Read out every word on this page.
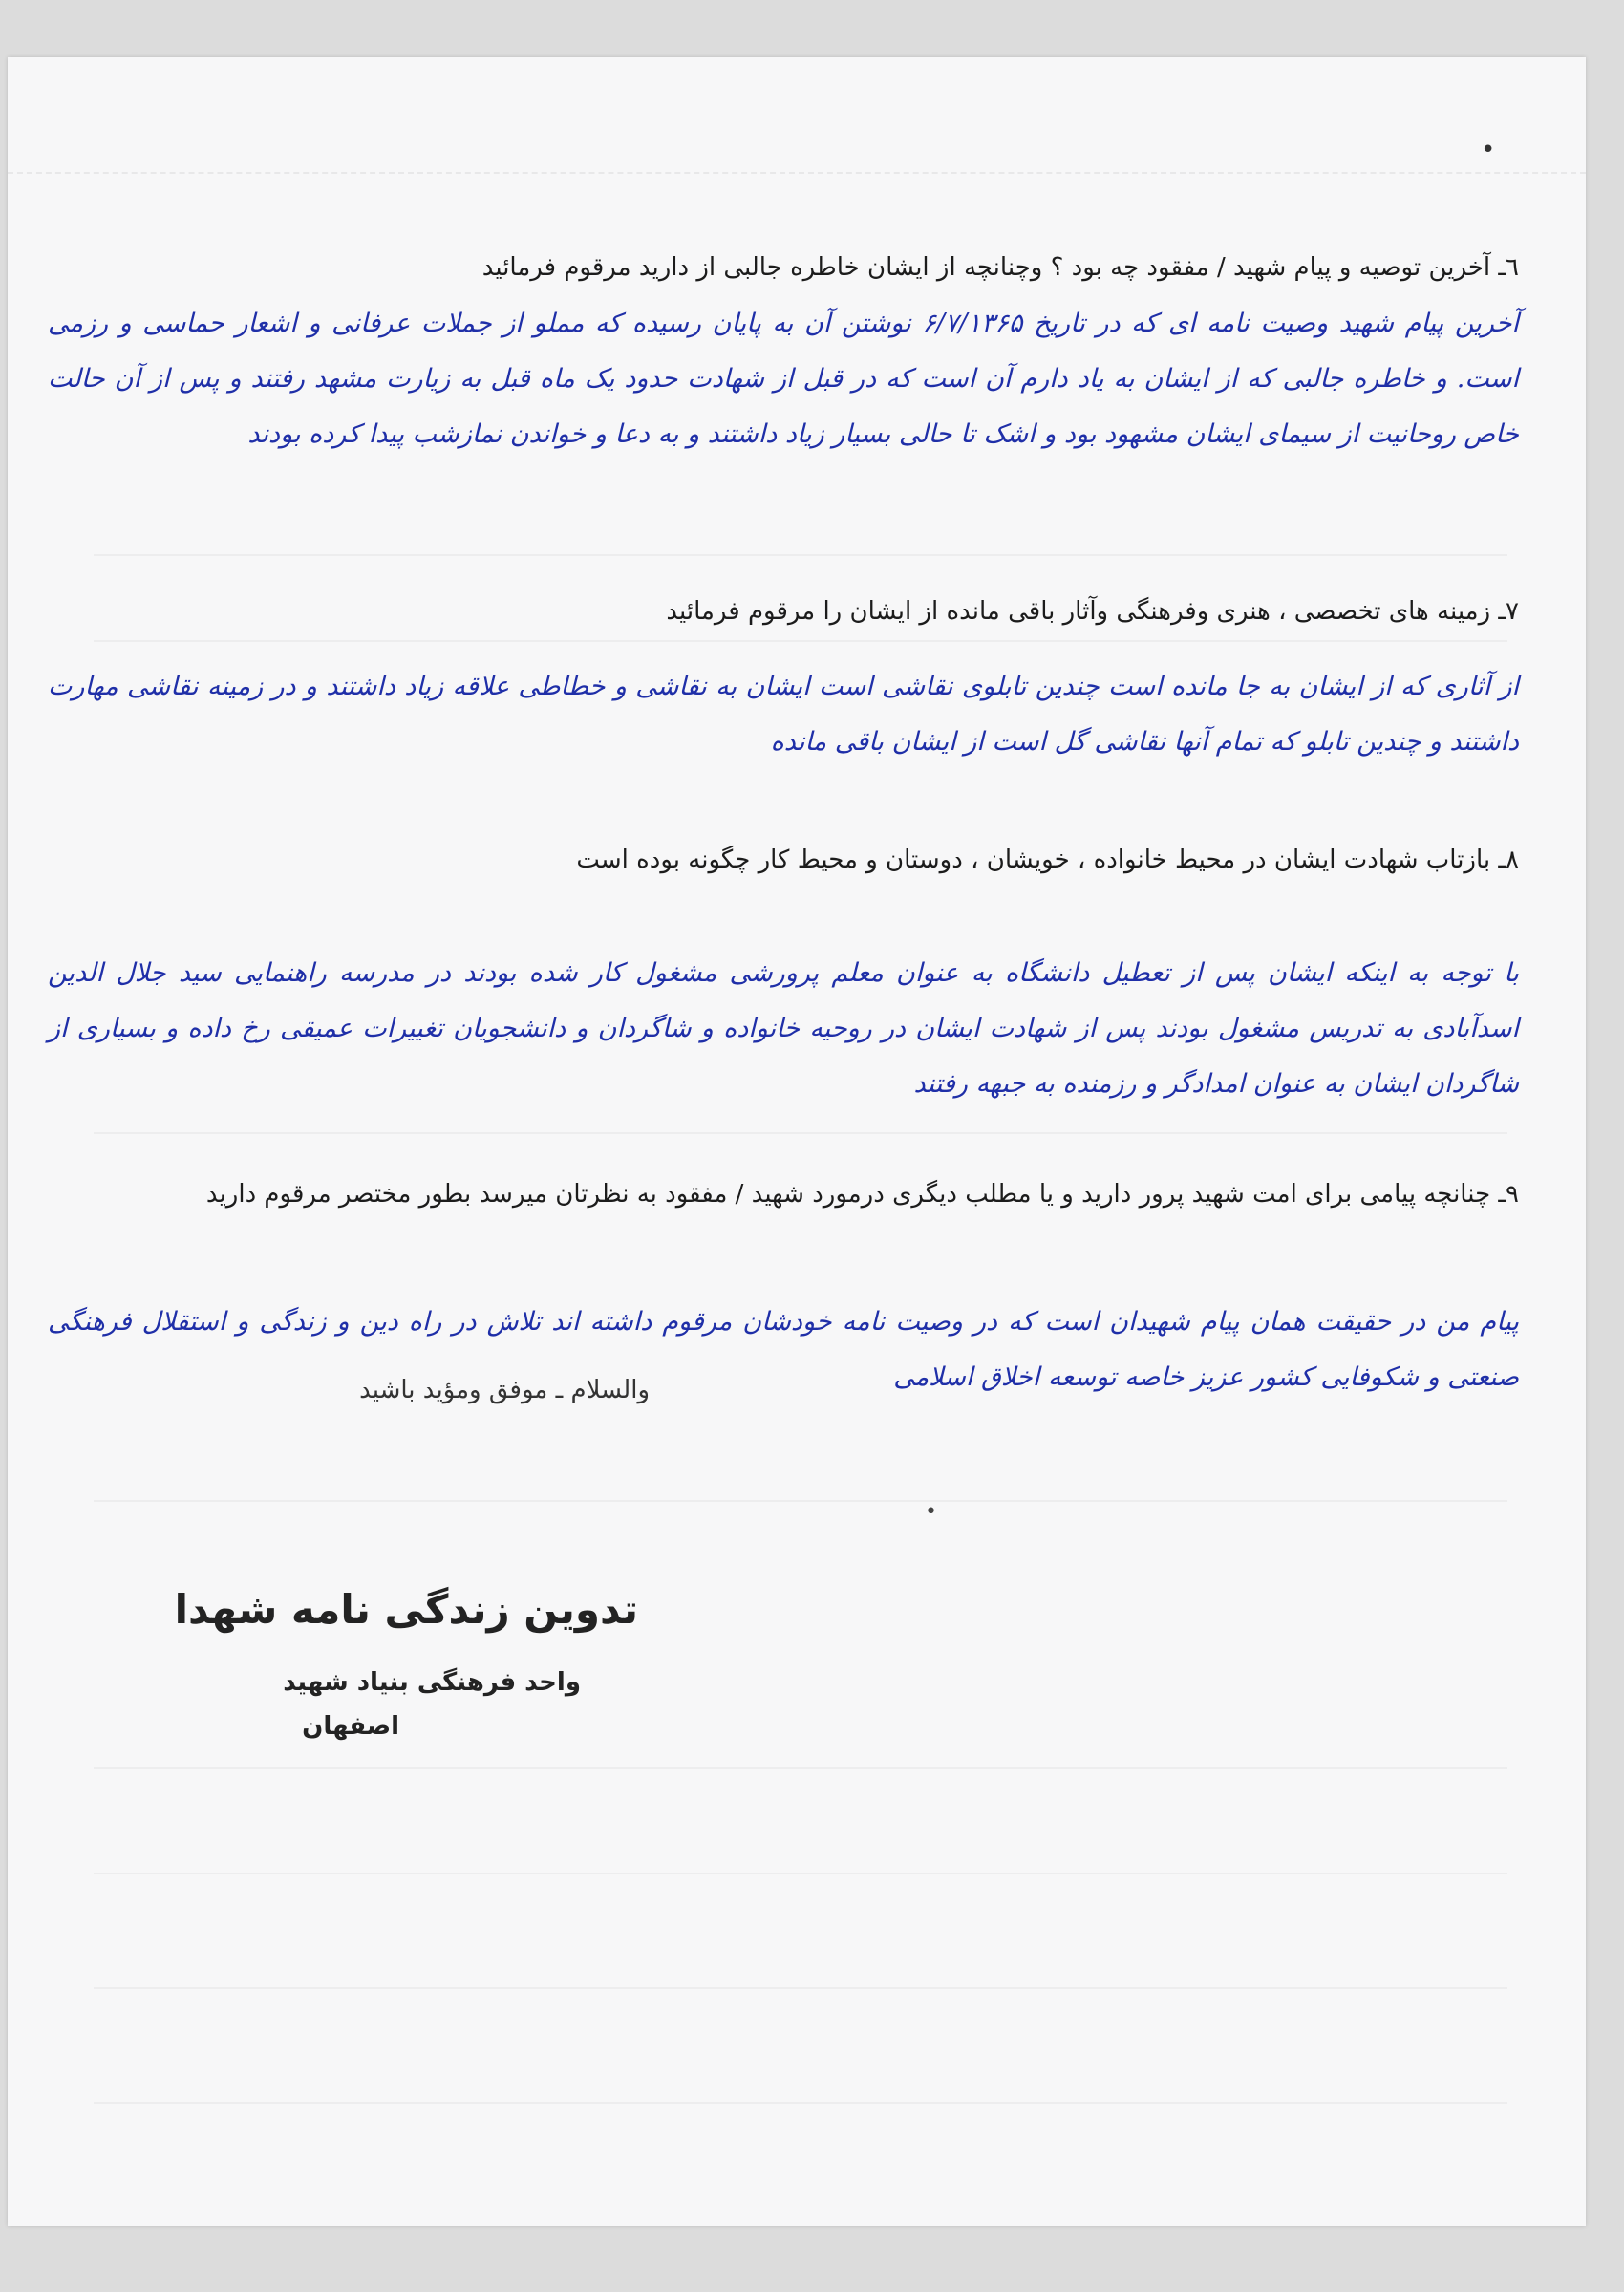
•
•
٦ـ آخرین توصیه و پیام شهید / مفقود چه بود ؟ وچنانچه از ایشان خاطره جالبی از دارید مرقوم فرمائید
آخرین پیام شهید وصیت نامه ای که در تاریخ ۶/۷/۱۳۶۵ نوشتن آن به پایان رسیده که مملو از جملات عرفانی و اشعار حماسی و رزمی است. و خاطره جالبی که از ایشان به یاد دارم آن است که در قبل از شهادت حدود یک ماه قبل به زیارت مشهد رفتند و پس از آن حالت خاص روحانیت از سیمای ایشان مشهود بود و اشک تا حالی بسیار زیاد داشتند و به دعا و خواندن نمازشب پیدا کرده بودند
٧ـ زمینه های تخصصی ، هنری وفرهنگی وآثار باقی مانده از ایشان را مرقوم فرمائید
از آثاری که از ایشان به جا مانده است چندین تابلوی نقاشی است ایشان به نقاشی و خطاطی علاقه زیاد داشتند و در زمینه نقاشی مهارت داشتند و چندین تابلو که تمام آنها نقاشی گل است از ایشان باقی مانده
٨ـ بازتاب شهادت ایشان در محیط خانواده ، خویشان ، دوستان و محیط کار چگونه بوده است
با توجه به اینکه ایشان پس از تعطیل دانشگاه به عنوان معلم پرورشی مشغول کار شده بودند در مدرسه راهنمایی سید جلال الدین اسدآبادی به تدریس مشغول بودند پس از شهادت ایشان در روحیه خانواده و شاگردان و دانشجویان تغییرات عمیقی رخ داده و بسیاری از شاگردان ایشان به عنوان امدادگر و رزمنده به جبهه رفتند
٩ـ چنانچه پیامی برای امت شهید پرور دارید و یا مطلب دیگری درمورد شهید / مفقود به نظرتان میرسد بطور مختصر مرقوم دارید
پیام من در حقیقت همان پیام شهیدان است که در وصیت نامه خودشان مرقوم داشته اند تلاش در راه دین و زندگی و استقلال فرهنگی صنعتی و شکوفایی کشور عزیز خاصه توسعه اخلاق اسلامی
والسلام ـ موفق ومؤید باشید
تدوین زندگی نامه شهدا
واحد فرهنگی بنیاد شهید
اصفهان
